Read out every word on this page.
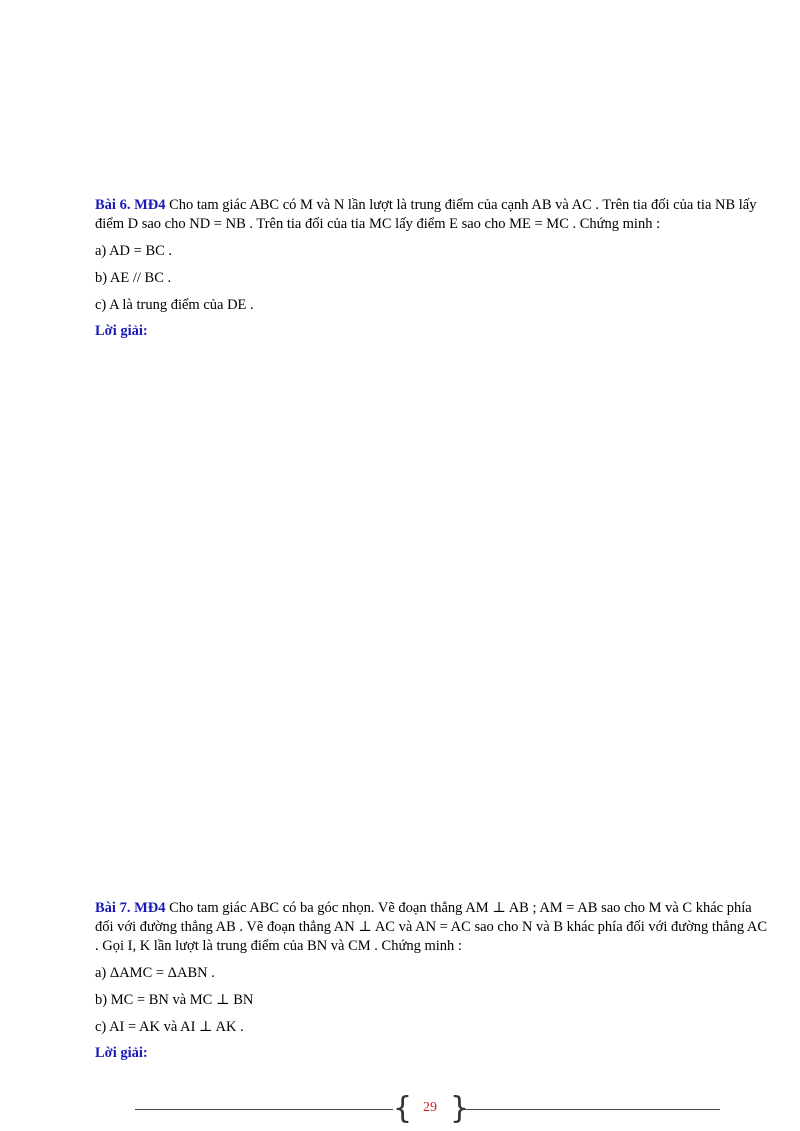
Bài 6. MĐ4 Cho tam giác ABC có M và N lần lượt là trung điểm của cạnh AB và AC . Trên tia đối của tia NB lấy điểm D sao cho ND = NB . Trên tia đối của tia MC lấy điểm E sao cho ME = MC . Chứng minh :

a) AD = BC .
b) AE // BC .
c) A là trung điểm của DE .
Lời giải:

Bài 7. MĐ4 Cho tam giác ABC có ba góc nhọn. Vẽ đoạn thẳng AM ⊥ AB ; AM = AB sao cho M và C khác phía đối với đường thẳng AB . Vẽ đoạn thẳng AN ⊥ AC và AN = AC sao cho N và B khác phía đối với đường thẳng AC . Gọi I, K lần lượt là trung điểm của BN và CM . Chứng minh :

a) ΔAMC = ΔABN .
b) MC = BN và MC ⊥ BN
c) AI = AK và AI ⊥ AK .
Lời giải:
{ 29 }
